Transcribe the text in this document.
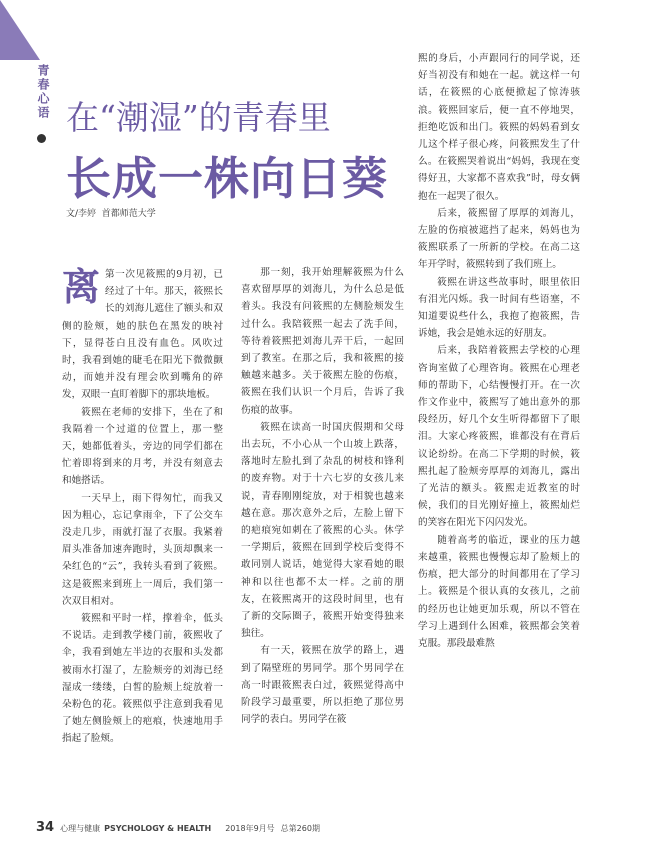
青春心语 在“潮湿”的青春里
长成一株向日葵
文/李婷 首都师范大学

离第一次见筱熙的9月初，已经过了十年。那天，筱熙长长的刘海儿遮住了额头和双侧的脸颊，她的肤色在黑发的映衬下，显得苍白且没有血色。风吹过时，我看到她的睫毛在阳光下微微颤动，而她并没有理会吹到嘴角的碎发，双眼一直盯着脚下的那块地板。

筱熙在老师的安排下，坐在了和我隔着一个过道的位置上，那一整天，她都低着头，旁边的同学们都在忙着即将到来的月考，并没有刻意去和她搭话。

一天早上，雨下得匆忙，而我又因为粗心，忘记拿雨伞，下了公交车没走几步，雨就打湿了衣服。我紧着眉头准备加速奔跑时，头顶却飘来一朵红色的“云”，我转头看到了筱熙。这是筱熙来到班上一周后，我们第一次双目相对。

筱熙和平时一样，撑着伞，低头不说话。走到教学楼门前，筱熙收了伞，我看到她左半边的衣服和头发都被雨水打湿了，左脸颊旁的刘海已经湿成一缕缕，白皙的脸颊上绽放着一朵粉色的花。筱熙似乎注意到我看见了她左侧脸颊上的疤痕，快速地用手指起了脸颊。

那一刻，我开始理解筱熙为什么喜欢留厚厚的刘海儿，为什么总是低着头。我没有问筱熙的左侧脸颊发生过什么。我陪筱熙一起去了洗手间，等待着筱熙把刘海儿弄干后，一起回到了教室。在那之后，我和筱熙的接触越来越多。关于筱熙左脸的伤痕，筱熙在我们认识一个月后，告诉了我伤痕的故事。

筱熙在读高一时国庆假期和父母出去玩，不小心从一个山坡上跌落，落地时左脸扎到了杂乱的树枝和锋利的废弃物。对于十六七岁的女孩儿来说，青春刚刚绽放，对于相貌也越来越在意。那次意外之后，左脸上留下的疤痕宛如刺在了筱熙的心头。休学一学期后，筱熙在回到学校后变得不敢同别人说话，她觉得大家看她的眼神和以往也都不太一样。之前的朋友，在筱熙离开的这段时间里，也有了新的交际圈子，筱熙开始变得独来独往。

有一天，筱熙在放学的路上，遇到了隔壁班的男同学。那个男同学在高一时跟筱熙表白过，筱熙觉得高中阶段学习最重要，所以拒绝了那位男同学的表白。男同学在筱

熙的身后，小声跟同行的同学说，还好当初没有和她在一起。就这样一句话，在筱熙的心底便掀起了惊涛骇浪。筱熙回家后，便一直不停地哭，拒绝吃饭和出门。筱熙的妈妈看到女儿这个样子很心疼，问筱熙发生了什么。在筱熙哭着说出“妈妈，我现在变得好丑，大家都不喜欢我”时，母女俩抱在一起哭了很久。

后来，筱熙留了厚厚的刘海儿，左脸的伤痕被遮挡了起来，妈妈也为筱熙联系了一所新的学校。在高二这年开学时，筱熙转到了我们班上。

筱熙在讲这些故事时，眼里依旧有泪光闪烁。我一时间有些语塞，不知道要说些什么，我抱了抱筱熙，告诉她，我会是她永远的好朋友。

后来，我陪着筱熙去学校的心理咨询室做了心理咨询。筱熙在心理老师的帮助下，心结慢慢打开。在一次作文作业中，筱熙写了她出意外的那段经历，好几个女生听得都留下了眼泪。大家心疼筱熙，谁都没有在背后议论纷纷。在高二下学期的时候，筱熙扎起了脸颊旁厚厚的刘海儿，露出了光洁的额头。筱熙走近教室的时候，我们的目光刚好撞上，筱熙灿烂的笑容在阳光下闪闪发光。

随着高考的临近，课业的压力越来越重，筱熙也慢慢忘却了脸颊上的伤痕，把大部分的时间都用在了学习上。筱熙是个很认真的女孩儿，之前的经历也让她更加乐观，所以不管在学习上遇到什么困难，筱熙都会笑着克服。那段最难熬

34 心理与健康 PSYCHOLOGY & HEALTH 2018年9月号 总第260期
